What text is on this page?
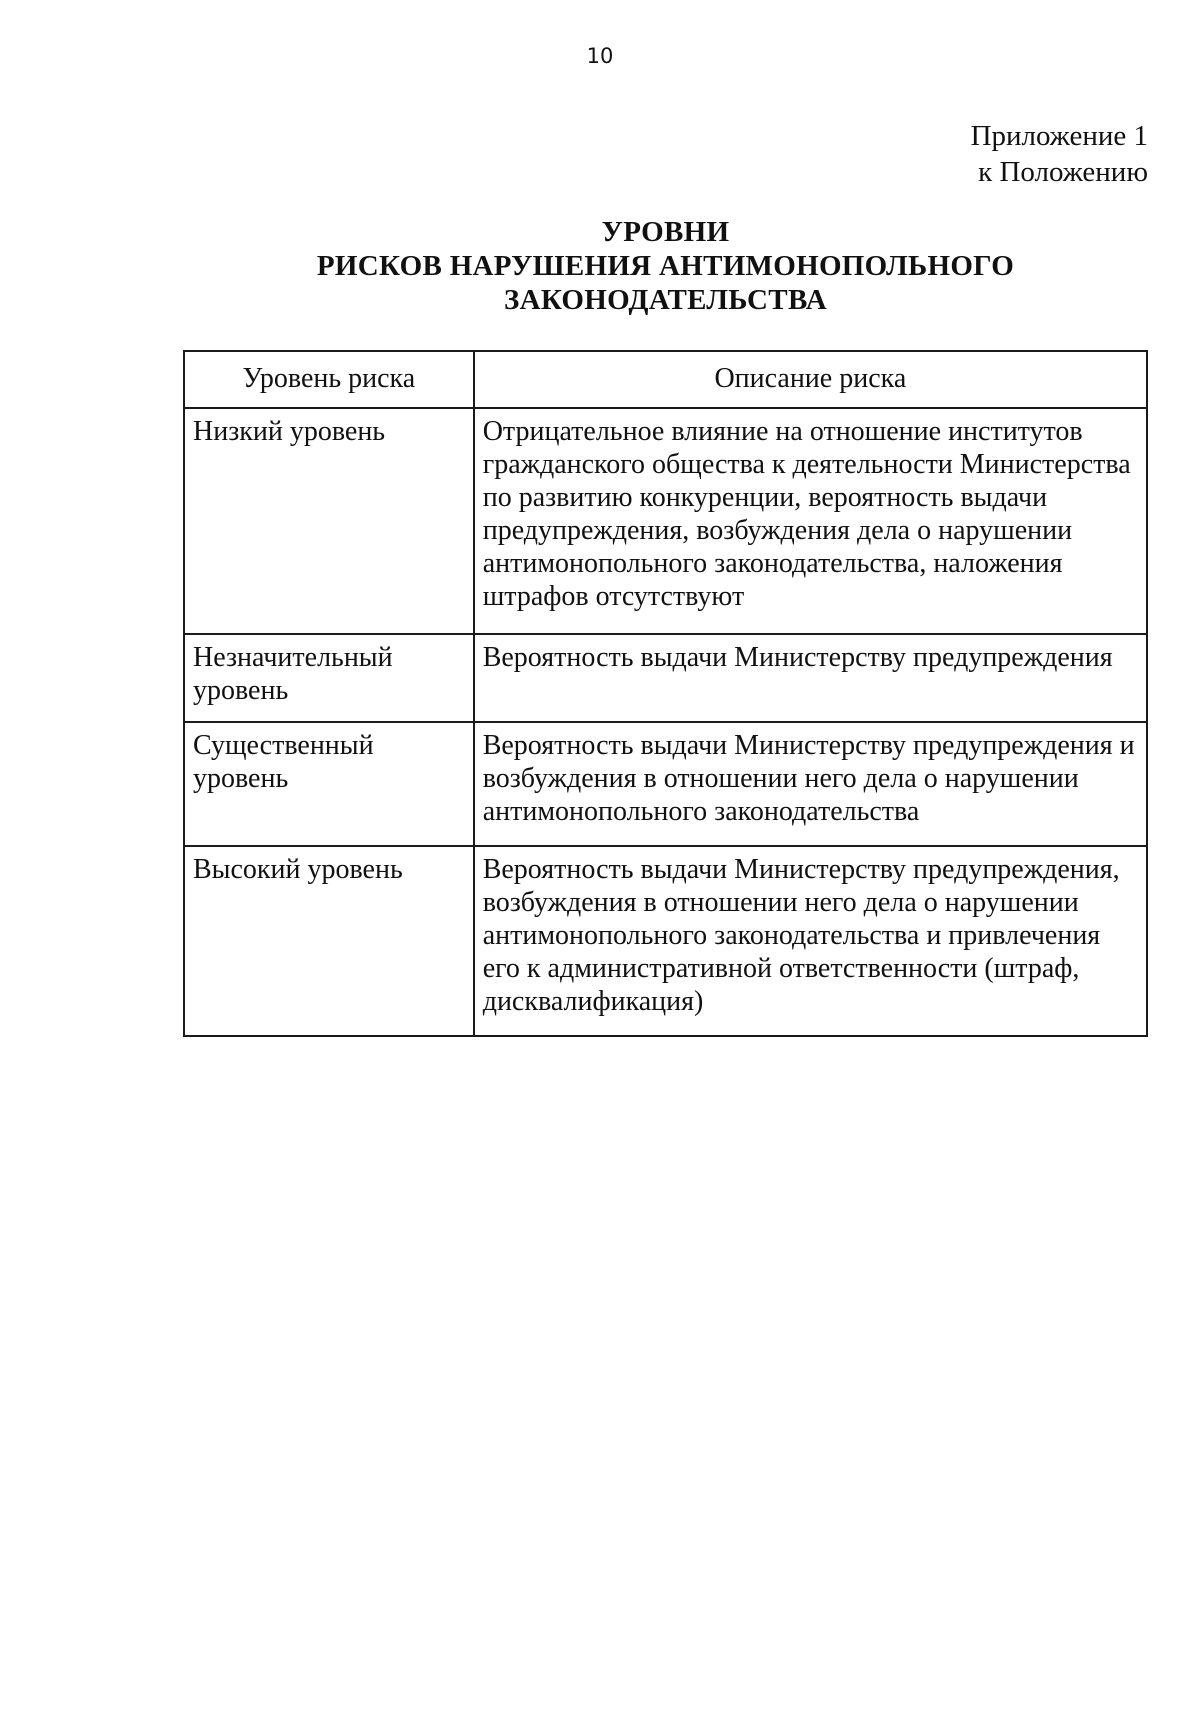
10
Приложение 1
к Положению
УРОВНИ
РИСКОВ НАРУШЕНИЯ АНТИМОНОПОЛЬНОГО
ЗАКОНОДАТЕЛЬСТВА
Уровень риска	Описание риска
Низкий уровень	Отрицательное влияние на отношение институтов гражданского общества к деятельности Министерства по развитию конкуренции, вероятность выдачи предупреждения, возбуждения дела о нарушении антимонопольного законодательства, наложения штрафов отсутствуют
Незначительный уровень	Вероятность выдачи Министерству предупреждения
Существенный уровень	Вероятность выдачи Министерству предупреждения и возбуждения в отношении него дела о нарушении антимонопольного законодательства
Высокий уровень	Вероятность выдачи Министерству предупреждения, возбуждения в отношении него дела о нарушении антимонопольного законодательства и привлечения его к административной ответственности (штраф, дисквалификация)
